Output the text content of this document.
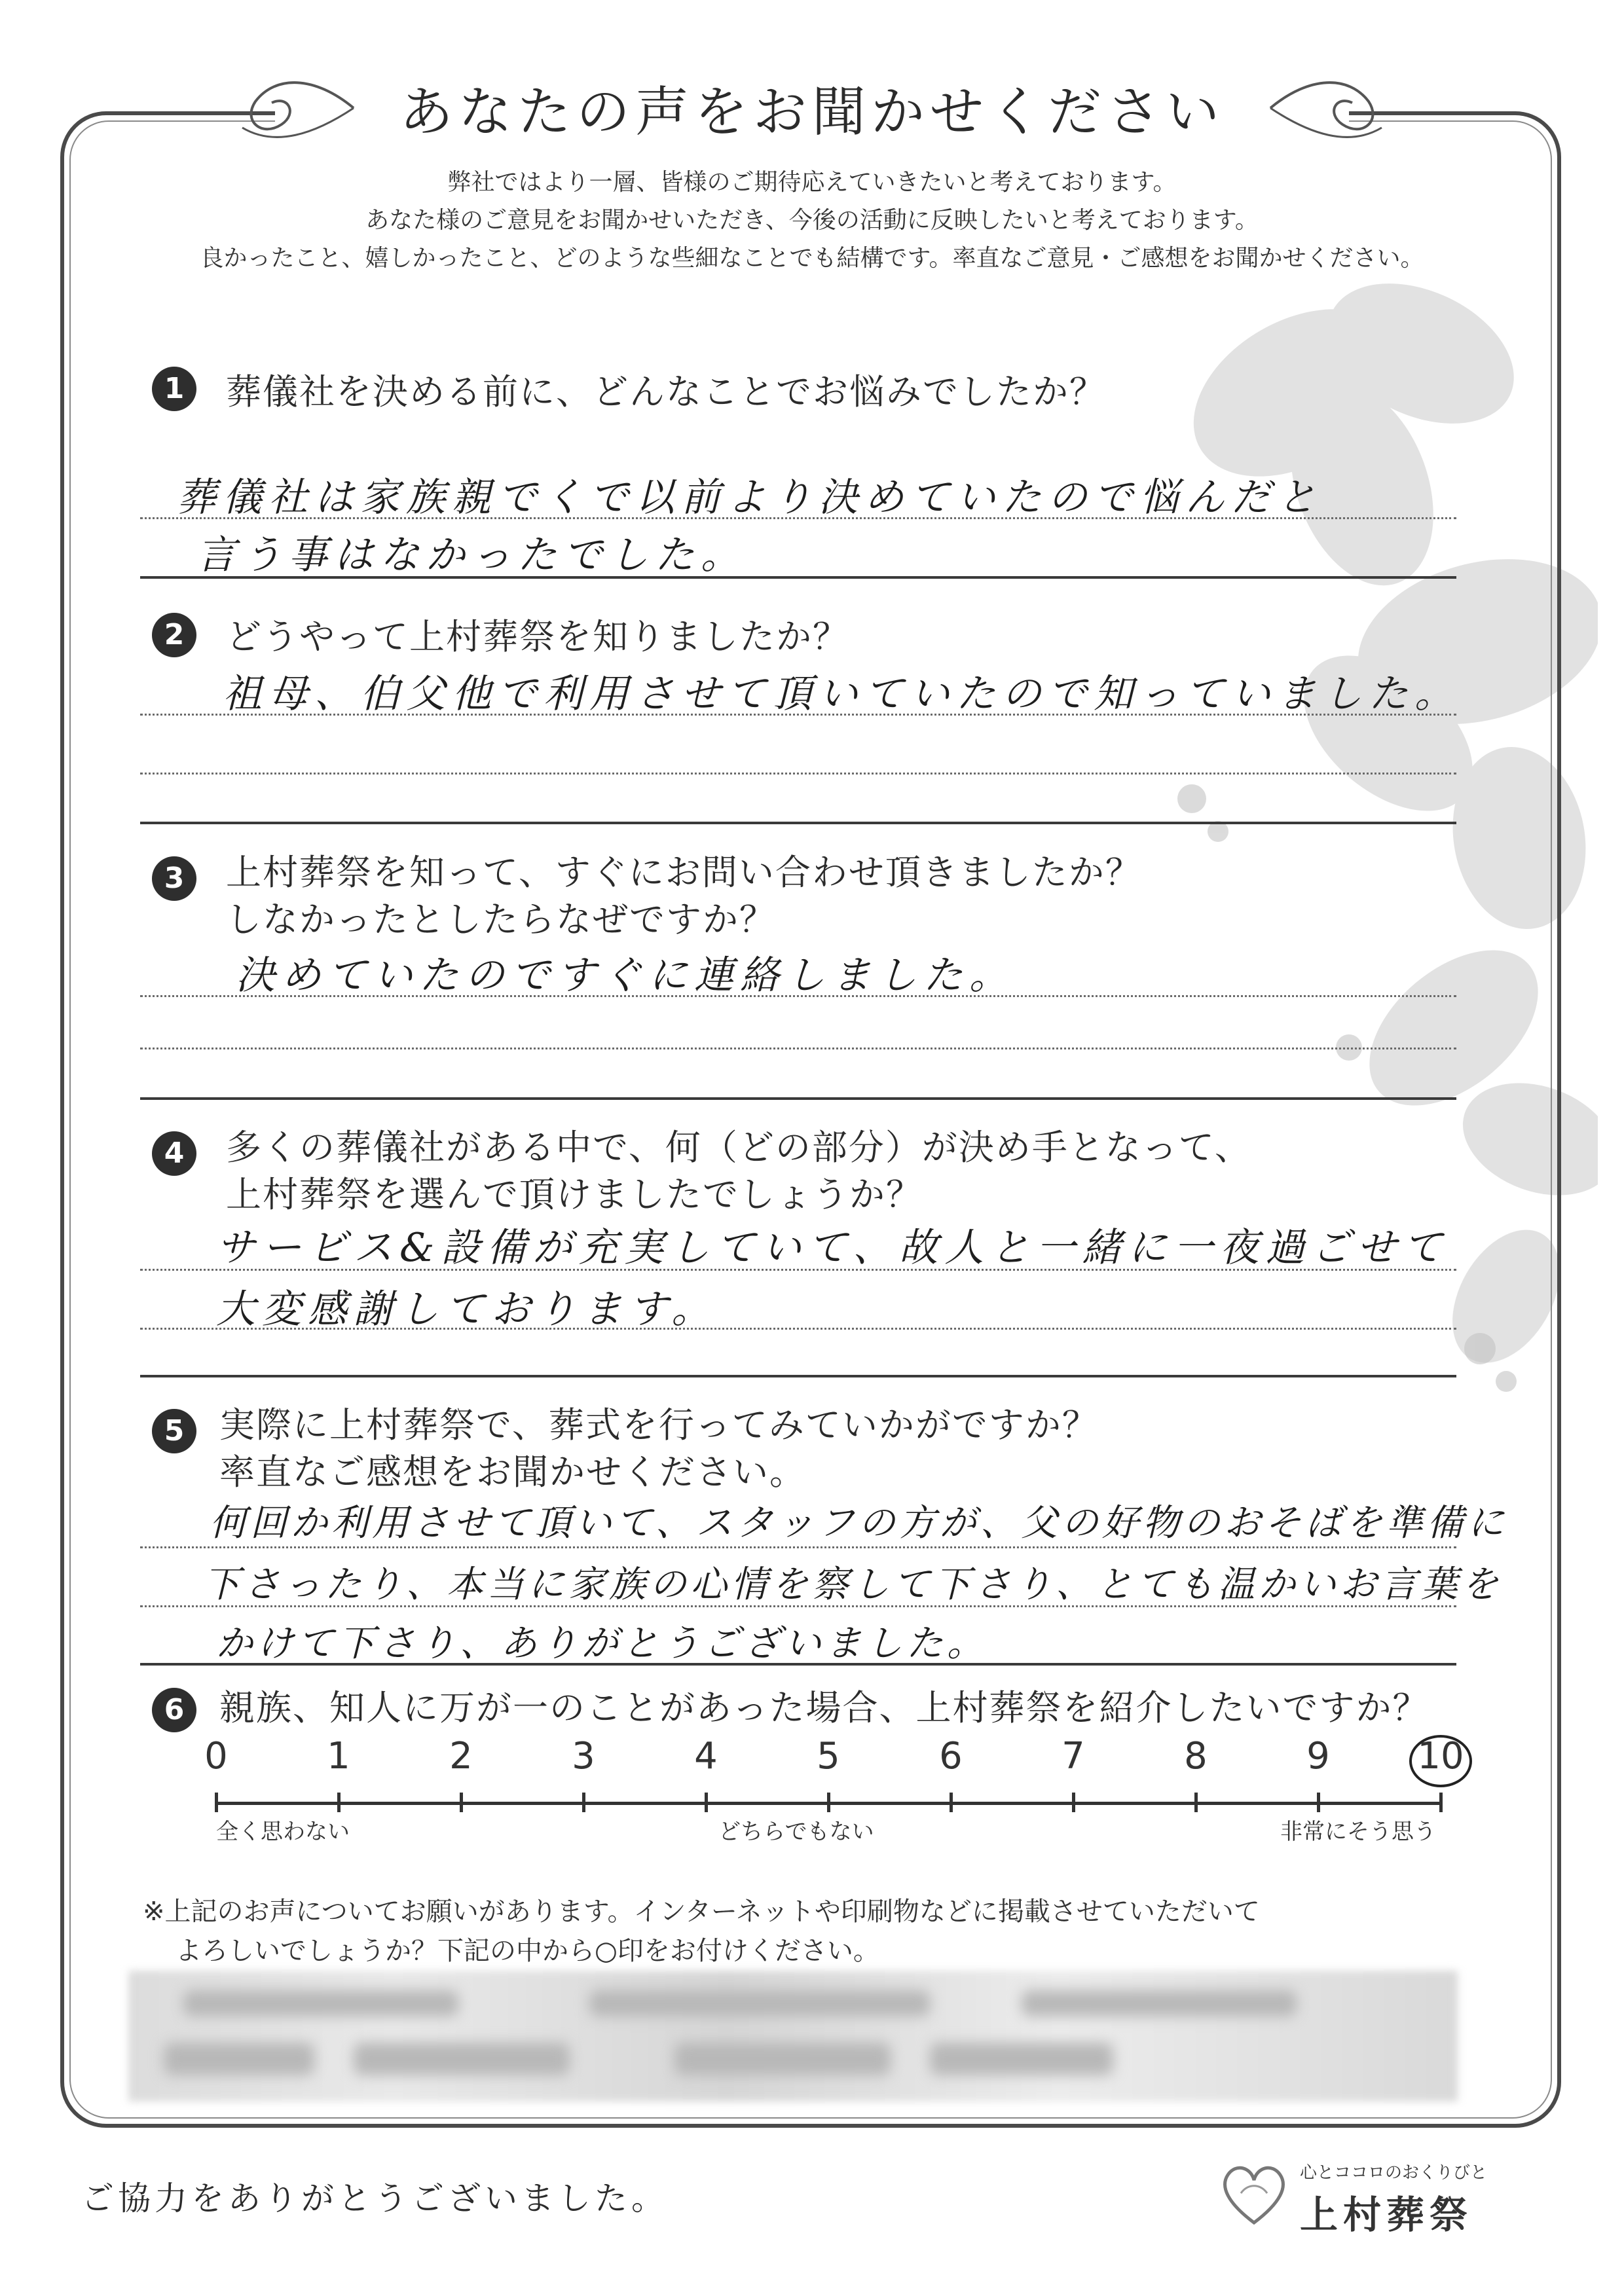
あなたの声をお聞かせください
弊社ではより一層、皆様のご期待応えていきたいと考えております。
あなた様のご意見をお聞かせいただき、今後の活動に反映したいと考えております。
良かったこと、嬉しかったこと、どのような些細なことでも結構です。率直なご意見・ご感想をお聞かせください。
1	葬儀社を決める前に、どんなことでお悩みでしたか？
葬儀社は家族親でくで以前より決めていたので悩んだと
言う事はなかったでした。
2	どうやって上村葬祭を知りましたか？
祖母、伯父他で利用させて頂いていたので知っていました。
3	上村葬祭を知って、すぐにお問い合わせ頂きましたか？
しなかったとしたらなぜですか？
決めていたのですぐに連絡しました。
4	多くの葬儀社がある中で、何（どの部分）が決め手となって、
上村葬祭を選んで頂けましたでしょうか？
サービス&設備が充実していて、故人と一緒に一夜過ごせて
大変感謝しております。
5 実際に上村葬祭で、葬式を行ってみていかがですか？
率直なご感想をお聞かせください。
何回か利用させて頂いて、スタッフの方が、父の好物のおそばを準備に
下さったり、本当に家族の心情を察して下さり、とても温かいお言葉を
かけて下さり、ありがとうございました。
6 親族、知人に万が一のことがあった場合、上村葬祭を紹介したいですか？
全く思わない	どちらでもない	非常にそう思う
※上記のお声についてお願いがあります。インターネットや印刷物などに掲載させていただいて
よろしいでしょうか？下記の中から○印をお付けください。
ご協力をありがとうございました。
心とココロのおくりびと
上村葬祭
0	1	2	3	4	5	6	7	8	9	10
